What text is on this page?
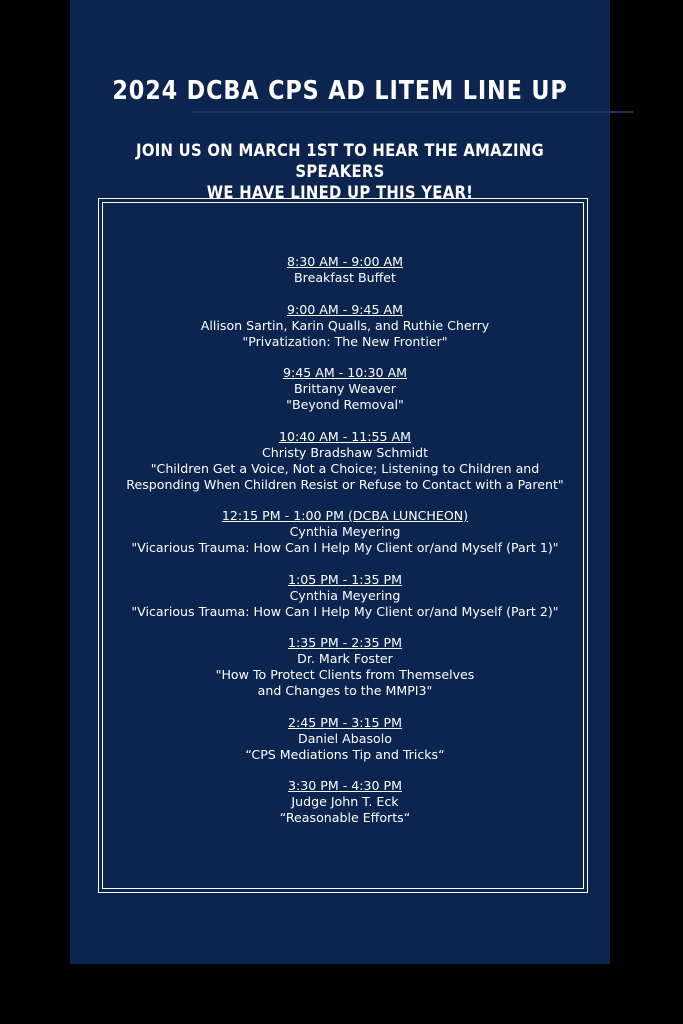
2024 DCBA CPS AD LITEM LINE UP
JOIN US ON MARCH 1ST TO HEAR THE AMAZING SPEAKERS
WE HAVE LINED UP THIS YEAR!
8:30 AM - 9:00 AM
Breakfast Buffet
9:00 AM - 9:45 AM
Allison Sartin, Karin Qualls, and Ruthie Cherry
"Privatization: The New Frontier"
9:45 AM - 10:30 AM
Brittany Weaver
"Beyond Removal"
10:40 AM - 11:55 AM
Christy Bradshaw Schmidt
"Children Get a Voice, Not a Choice; Listening to Children and
Responding When Children Resist or Refuse to Contact with a Parent"
12:15 PM - 1:00 PM (DCBA LUNCHEON)
Cynthia Meyering
"Vicarious Trauma: How Can I Help My Client or/and Myself (Part 1)"
1:05 PM - 1:35 PM
Cynthia Meyering
"Vicarious Trauma: How Can I Help My Client or/and Myself (Part 2)"
1:35 PM - 2:35 PM
Dr. Mark Foster
"How To Protect Clients from Themselves
and Changes to the MMPI3"
2:45 PM - 3:15 PM
Daniel Abasolo
“CPS Mediations Tip and Tricks“
3:30 PM - 4:30 PM
Judge John T. Eck
“Reasonable Efforts“
